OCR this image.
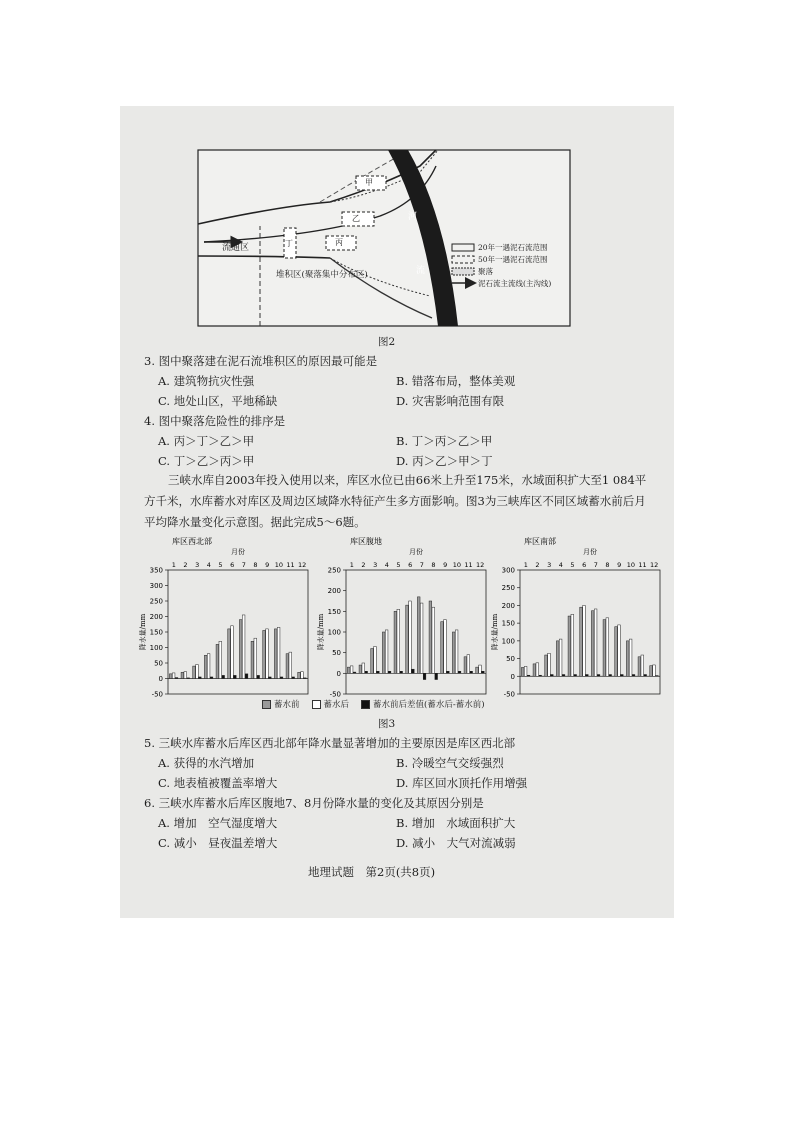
流通区
堆积区(聚落集中分布区)
河
流
甲
乙
丙
丁	20年一遇泥石流范围
50年一遇泥石流范围
聚落
泥石流主流线(主沟线)
图2
3. 图中聚落建在泥石流堆积区的原因最可能是
A. 建筑物抗灾性强	B. 错落布局，整体美观
C. 地处山区，平地稀缺	D. 灾害影响范围有限
4. 图中聚落危险性的排序是
A. 丙＞丁＞乙＞甲	B. 丁＞丙＞乙＞甲
C. 丁＞乙＞丙＞甲	D. 丙＞乙＞甲＞丁
三峡水库自2003年投入使用以来，库区水位已由66米上升至175米，水域面积扩大至1 084平方千米，水库蓄水对库区及周边区域降水特征产生多方面影响。图3为三峡库区不同区域蓄水前后月平均降水量变化示意图。据此完成5～6题。
库区西北部
月份
降水量/mm
-50
0
50
100
150
200
250
300
350
1 2 3 4 5 6 7 8 9 10 11 12
库区腹地
月份
降水量/mm
-50
0
50
100
150
200
250
1 2 3 4 5 6 7 8 9 10 11 12
库区南部
月份
降水量/mm
-50
0
50
100
150
200
250
300
1 2 3 4 5 6 7 8 9 10 11 12
蓄水前	蓄水后	蓄水前后差值(蓄水后-蓄水前)
图3
5. 三峡水库蓄水后库区西北部年降水量显著增加的主要原因是库区西北部
A. 获得的水汽增加	B. 冷暖空气交绥强烈
C. 地表植被覆盖率增大	D. 库区回水顶托作用增强
6. 三峡水库蓄水后库区腹地7、8月份降水量的变化及其原因分别是
A. 增加　空气湿度增大	B. 增加　水域面积扩大
C. 减小　昼夜温差增大	D. 减小　大气对流减弱
地理试题　第2页(共8页)
